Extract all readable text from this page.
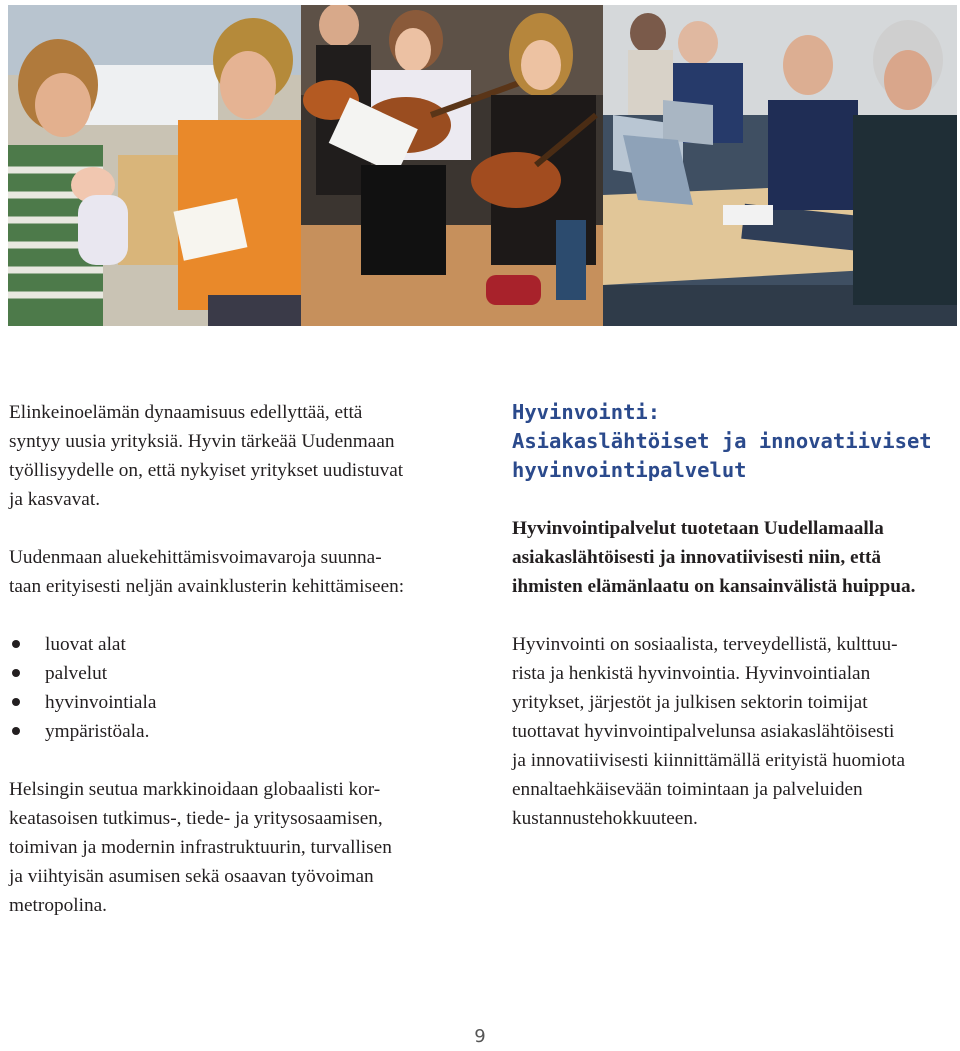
Elinkeinoelämän dynaamisuus edellyttää, että
syntyy uusia yrityksiä. Hyvin tärkeää Uudenmaan
työllisyydelle on, että nykyiset yritykset uudistuvat
ja kasvavat.

Uudenmaan aluekehittämisvoimavaroja suunna-
taan erityisesti neljän avainklusterin kehittämiseen:

luovat alat
palvelut
hyvinvointiala
ympäristöala.

Helsingin seutua markkinoidaan globaalisti kor-
keatasoisen tutkimus-, tiede- ja yritysosaamisen,
toimivan ja modernin infrastruktuurin, turvallisen
ja viihtyisän asumisen sekä osaavan työvoiman
metropolina.

Hyvinvointi:
Asiakaslähtöiset ja innovatiiviset
hyvinvointipalvelut

Hyvinvointipalvelut tuotetaan Uudellamaalla
asiakaslähtöisesti ja innovatiivisesti niin, että
ihmisten elämänlaatu on kansainvälistä huippua.

Hyvinvointi on sosiaalista, terveydellistä, kulttuu-
rista ja henkistä hyvinvointia. Hyvinvointialan
yritykset, järjestöt ja julkisen sektorin toimijat
tuottavat hyvinvointipalvelunsa asiakaslähtöisesti
ja innovatiivisesti kiinnittämällä erityistä huomiota
ennaltaehkäisevään toimintaan ja palveluiden
kustannustehokkuuteen.

9
